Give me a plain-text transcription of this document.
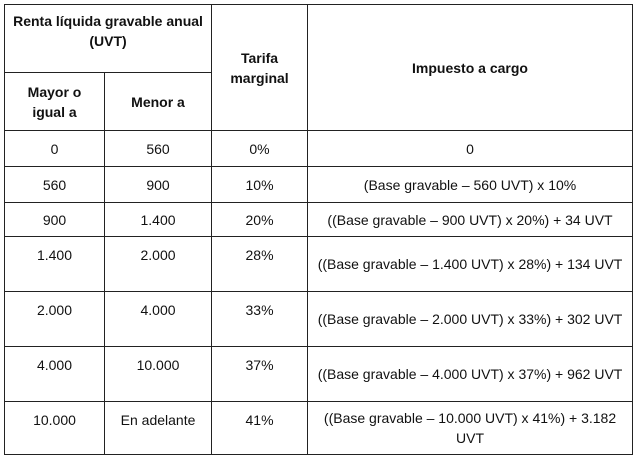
Renta líquida gravable anual (UVT)		Tarifa marginal	Impuesto a cargo
Mayor o igual a	Menor a		
0	560	0%	0
560	900	10%	(Base gravable – 560 UVT) x 10%
900	1.400	20%	((Base gravable – 900 UVT) x 20%) + 34 UVT
1.400	2.000	28%	((Base gravable – 1.400 UVT) x 28%) + 134 UVT
2.000	4.000	33%	((Base gravable – 2.000 UVT) x 33%) + 302 UVT
4.000	10.000	37%	((Base gravable – 4.000 UVT) x 37%) + 962 UVT
10.000	En adelante	41%	((Base gravable – 10.000 UVT) x 41%) + 3.182 UVT
